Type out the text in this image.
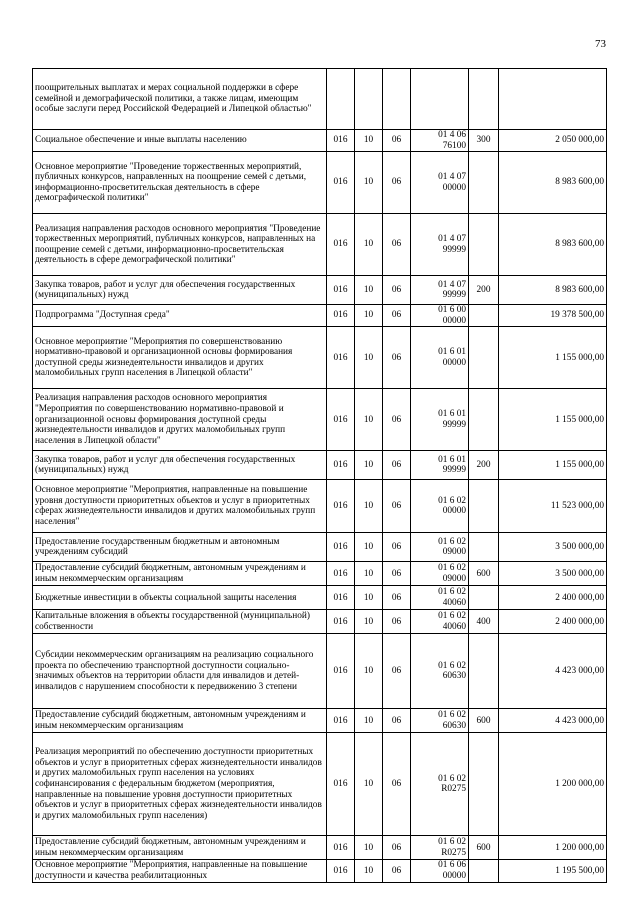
73
поощрительных выплатах и мерах социальной поддержки в сфере семейной и демографической политики, а также лицам, имеющим особые заслуги перед Российской Федерацией и Липецкой областью"						
Социальное обеспечение и иные выплаты населению	016	10	06	01 4 06 76100	300	2 050 000,00
Основное мероприятие "Проведение торжественных мероприятий, публичных конкурсов, направленных на поощрение семей с детьми, информационно-просветительская деятельность в сфере демографической политики"	016	10	06	01 4 07 00000		8 983 600,00
Реализация направления расходов основного мероприятия "Проведение торжественных мероприятий, публичных конкурсов, направленных на поощрение семей с детьми, информационно-просветительская деятельность в сфере демографической политики"	016	10	06	01 4 07 99999		8 983 600,00
Закупка товаров, работ и услуг для обеспечения государственных (муниципальных) нужд	016	10	06	01 4 07 99999	200	8 983 600,00
Подпрограмма "Доступная среда"	016	10	06	01 6 00 00000		19 378 500,00
Основное мероприятие "Мероприятия по совершенствованию нормативно-правовой и организационной основы формирования доступной среды жизнедеятельности инвалидов и других маломобильных групп населения в Липецкой области"	016	10	06	01 6 01 00000		1 155 000,00
Реализация направления расходов основного мероприятия "Мероприятия по совершенствованию нормативно-правовой и организационной основы формирования доступной среды жизнедеятельности инвалидов и других маломобильных групп населения в Липецкой области"	016	10	06	01 6 01 99999		1 155 000,00
Закупка товаров, работ и услуг для обеспечения государственных (муниципальных) нужд	016	10	06	01 6 01 99999	200	1 155 000,00
Основное мероприятие "Мероприятия, направленные на повышение уровня доступности приоритетных объектов и услуг в приоритетных сферах жизнедеятельности инвалидов и других маломобильных групп населения"	016	10	06	01 6 02 00000		11 523 000,00
Предоставление государственным бюджетным и автономным учреждениям субсидий	016	10	06	01 6 02 09000		3 500 000,00
Предоставление субсидий бюджетным, автономным учреждениям и иным некоммерческим организациям	016	10	06	01 6 02 09000	600	3 500 000,00
Бюджетные инвестиции в объекты социальной защиты населения	016	10	06	01 6 02 40060		2 400 000,00
Капитальные вложения в объекты государственной (муниципальной) собственности	016	10	06	01 6 02 40060	400	2 400 000,00
Субсидии некоммерческим организациям на реализацию социального проекта по обеспечению транспортной доступности социально-значимых объектов на территории области для инвалидов и детей-инвалидов с нарушением способности к передвижению 3 степени	016	10	06	01 6 02 60630		4 423 000,00
Предоставление субсидий бюджетным, автономным учреждениям и иным некоммерческим организациям	016	10	06	01 6 02 60630	600	4 423 000,00
Реализация мероприятий по обеспечению доступности приоритетных объектов и услуг в приоритетных сферах жизнедеятельности инвалидов и других маломобильных групп населения на условиях софинансирования с федеральным бюджетом (мероприятия, направленные на повышение уровня доступности приоритетных объектов и услуг в приоритетных сферах жизнедеятельности инвалидов и других маломобильных групп населения)	016	10	06	01 6 02 R0275		1 200 000,00
Предоставление субсидий бюджетным, автономным учреждениям и иным некоммерческим организациям	016	10	06	01 6 02 R0275	600	1 200 000,00
Основное мероприятие "Мероприятия, направленные на повышение доступности и качества реабилитационных	016	10	06	01 6 06 00000		1 195 500,00
